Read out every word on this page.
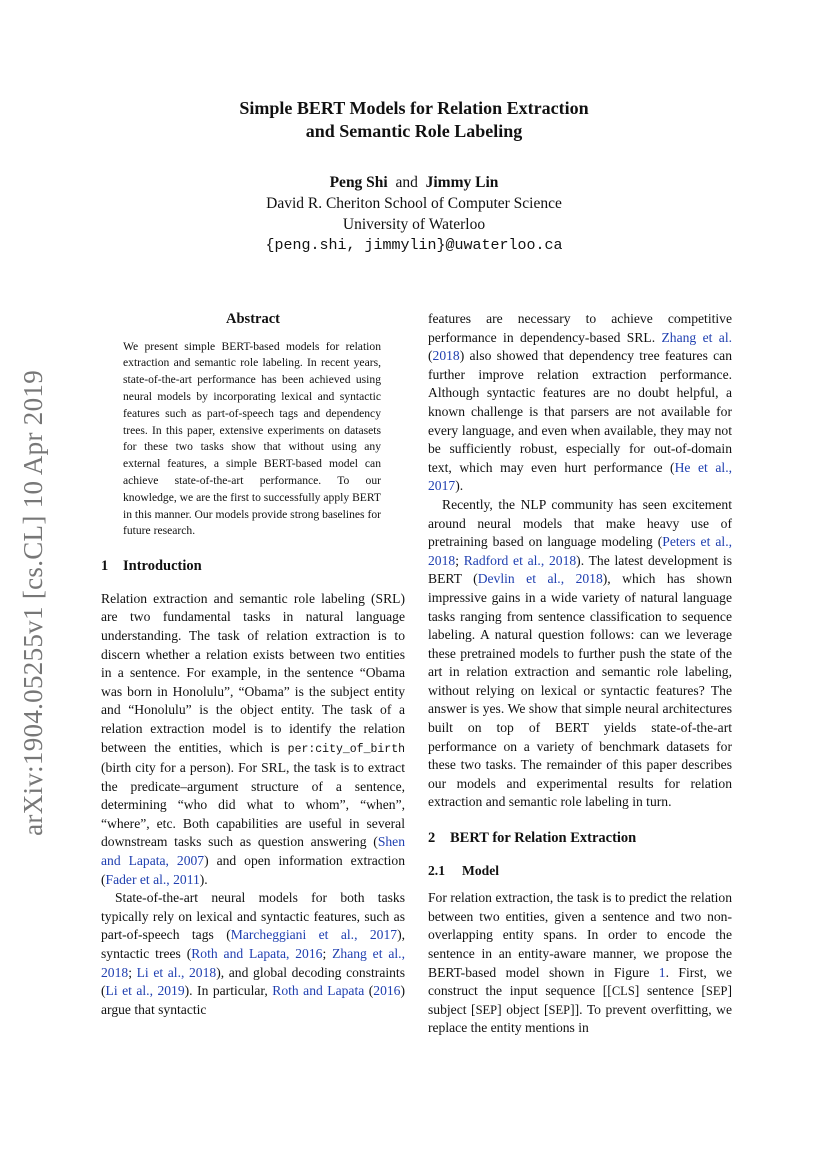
arXiv:1904.05255v1 [cs.CL] 10 Apr 2019
Simple BERT Models for Relation Extraction
and Semantic Role Labeling
Peng Shi and Jimmy Lin
David R. Cheriton School of Computer Science
University of Waterloo
{peng.shi, jimmylin}@uwaterloo.ca
Abstract
We present simple BERT-based models for relation extraction and semantic role labeling. In recent years, state-of-the-art performance has been achieved using neural models by incorporating lexical and syntactic features such as part-of-speech tags and dependency trees. In this paper, extensive experiments on datasets for these two tasks show that without using any external features, a simple BERT-based model can achieve state-of-the-art performance. To our knowledge, we are the first to successfully apply BERT in this manner. Our models provide strong baselines for future research.
1 Introduction

Relation extraction and semantic role labeling (SRL) are two fundamental tasks in natural language understanding. The task of relation extraction is to discern whether a relation exists between two entities in a sentence. For example, in the sentence “Obama was born in Honolulu”, “Obama” is the subject entity and “Honolulu” is the object entity. The task of a relation extraction model is to identify the relation between the entities, which is per:city_of_birth (birth city for a person). For SRL, the task is to extract the predicate–argument structure of a sentence, determining “who did what to whom”, “when”, “where”, etc. Both capabilities are useful in several downstream tasks such as question answering (Shen and Lapata, 2007) and open information extraction (Fader et al., 2011).

State-of-the-art neural models for both tasks typically rely on lexical and syntactic features, such as part-of-speech tags (Marcheggiani et al., 2017), syntactic trees (Roth and Lapata, 2016; Zhang et al., 2018; Li et al., 2018), and global decoding constraints (Li et al., 2019). In particular, Roth and Lapata (2016) argue that syntactic

features are necessary to achieve competitive performance in dependency-based SRL. Zhang et al. (2018) also showed that dependency tree features can further improve relation extraction performance. Although syntactic features are no doubt helpful, a known challenge is that parsers are not available for every language, and even when available, they may not be sufficiently robust, especially for out-of-domain text, which may even hurt performance (He et al., 2017).

Recently, the NLP community has seen excitement around neural models that make heavy use of pretraining based on language modeling (Peters et al., 2018; Radford et al., 2018). The latest development is BERT (Devlin et al., 2018), which has shown impressive gains in a wide variety of natural language tasks ranging from sentence classification to sequence labeling. A natural question follows: can we leverage these pretrained models to further push the state of the art in relation extraction and semantic role labeling, without relying on lexical or syntactic features? The answer is yes. We show that simple neural architectures built on top of BERT yields state-of-the-art performance on a variety of benchmark datasets for these two tasks. The remainder of this paper describes our models and experimental results for relation extraction and semantic role labeling in turn.

2 BERT for Relation Extraction
2.1 Model

For relation extraction, the task is to predict the relation between two entities, given a sentence and two non-overlapping entity spans. In order to encode the sentence in an entity-aware manner, we propose the BERT-based model shown in Figure 1. First, we construct the input sequence [[CLS] sentence [SEP] subject [SEP] object [SEP]]. To prevent overfitting, we replace the entity mentions in
